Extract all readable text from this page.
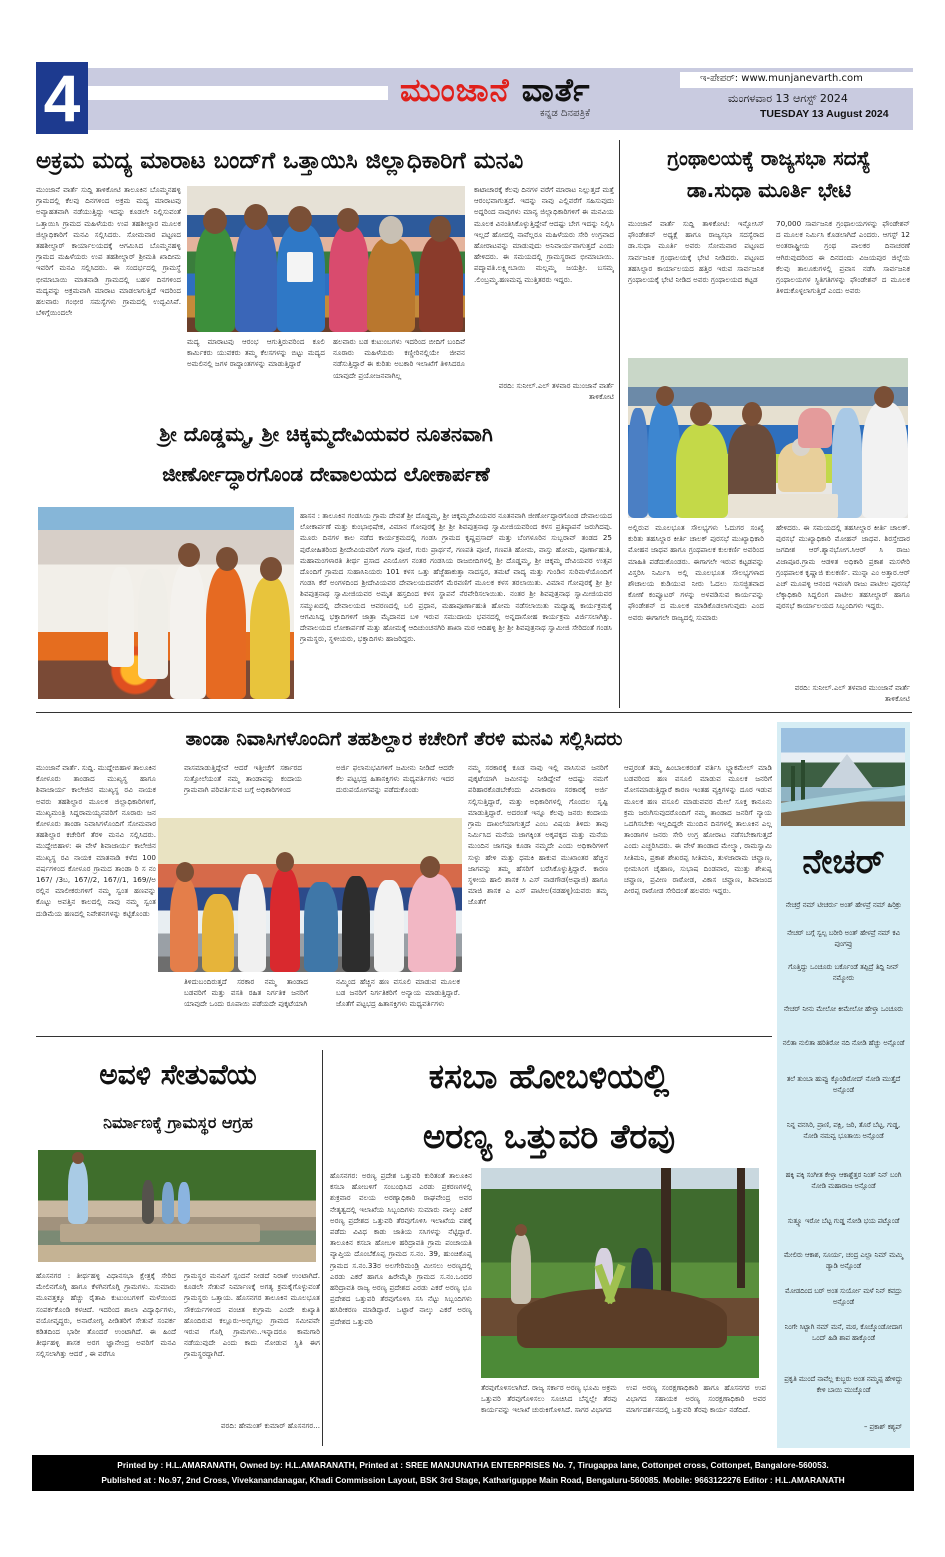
4	ಮುಂಜಾನೆ ವಾರ್ತೆ
ಕನ್ನಡ ದಿನಪತ್ರಿಕೆ
ಇ-ಪೇಪರ್: www.munjanevarth.com
ಮಂಗಳವಾರ 13 ಆಗಸ್ಟ್ 2024
TUESDAY 13 August 2024
ಅಕ್ರಮ ಮದ್ಯ ಮಾರಾಟ ಬಂದ್‌ಗೆ ಒತ್ತಾಯಿಸಿ ಜಿಲ್ಲಾಧಿಕಾರಿಗೆ ಮನವಿ
ಮುಂಜಾನೆ ವಾರ್ತೆ ಸುದ್ದಿ ತಾಳಿಕೋಟಿ ತಾಲೂಕಿನ ಬೊಮ್ಮನಹಳ್ಳಿ ಗ್ರಾಮದಲ್ಲಿ ಕೆಲವು ದಿನಗಳಿಂದ ಅಕ್ರಮ ಮದ್ಯ ಮಾರಾಟವು ಅವ್ಯಾಹತವಾಗಿ ನಡೆಯುತ್ತಿದ್ದು ಇದನ್ನು ಕೂಡಲೇ ನಿಲ್ಲಿಸುವಂತೆ ಒತ್ತಾಯಿಸಿ ಗ್ರಾಮದ ಮಹಿಳೆಯರು ಉಪ ತಹಶೀಲ್ದಾರ ಮೂಲಕ ಜಿಲ್ಲಾಧಿಕಾರಿಗೆ ಮನವಿ ಸಲ್ಲಿಸಿದರು. ಸೋಮವಾರ ಪಟ್ಟಣದ ತಹಶೀಲ್ದಾರ್ ಕಾರ್ಯಾಲಯದಕ್ಕೆ ಆಗಮಿಸಿದ ಬೊಮ್ಮನಹಳ್ಳಿ ಗ್ರಾಮದ ಮಹಿಳೆಯರು ಉಪ ತಹಶೀಲ್ದಾರ್ ಶ್ರೀಮತಿ ಖಾದೀಮ ಇವರಿಗೆ ಮನವಿ ಸಲ್ಲಿಸಿದರು. ಈ ಸಂದರ್ಭದಲ್ಲಿ ಗ್ರಾಮಸ್ಥೆ ಭೀಮಾಬಾಯಿ ಮಾತನಾಡಿ ಗ್ರಾಮದಲ್ಲಿ ಬಹಳ ದಿನಗಳಿಂದ ಮದ್ಯವನ್ನು ಅಕ್ರಮವಾಗಿ ಮಾರಾಟ ಮಾಡಲಾಗುತ್ತಿದೆ ಇದರಿಂದ ಹಲವಾರು ಗಂಭೀರ ಸಮಸ್ಯೆಗಳು ಗ್ರಾಮದಲ್ಲಿ ಉದ್ಭವಿಸಿವೆ. ಬೆಳಿಗ್ಗೆಯಿಂದಲೇ
ಮದ್ಯ ಮಾರಾಟವು ಆರಂಭ ಆಗುತ್ತಿರುವರಿಂದ ಕೂಲಿ ಕಾರ್ಮಿಕರು ಯುವಕರು ತಮ್ಮ ಕೆಲಸಗಳನ್ನು ಬಿಟ್ಟು ಮದ್ಯದ ಅಮಲಿನಲ್ಲಿ ಜಗಳ ರಾದ್ಧಾಂತಗಳನ್ನು ಮಾಡುತ್ತಿದ್ದಾರೆ
ಹಲವಾರು ಬಡ ಕುಟುಂಬಗಳು ಇದರಿಂದ ಬೀದಿಗೆ ಬಂದಿವೆ ನೂರಾರು ಮಹಿಳೆಯರು ಕಣ್ಣೀರಿನಲ್ಲಿಯೇ ಜೀವನ ನಡೆಸುತ್ತಿದ್ದಾರೆ ಈ ಕುರಿತು ಅಬಕಾರಿ ಇಲಾಖೆಗೆ ತಿಳಿಸಿದರೂ ಯಾವುದೇ ಪ್ರಯೋಜನವಾಗಿಲ್ಲ
ಕಾಟಾಚಾರಕ್ಕೆ ಕೆಲವು ದಿನಗಳ ವರೆಗೆ ಮಾರಾಟ ನಿಲ್ಲುತ್ತದೆ ಮತ್ತೆ ಆರಂಭವಾಗುತ್ತದೆ. ಇದನ್ನು ನಾವು ಎಲ್ಲಿವರೆಗೆ ಸಹಿಸುವುದು ಅದ್ದರಿಂದ ನಾವುಗಳು ಮಾನ್ಯ ಜಿಲ್ಲಾಧಿಕಾರಿಗಳಿಗೆ ಈ ಮನವಿಯ ಮೂಲಕ ವಿನಂತಿಸಿಕೊಳ್ಳುತ್ತಿದ್ದೇವೆ ಆದಷ್ಟು ಬೇಗ ಇದನ್ನು ನಿಲ್ಲಿಸಿ ಇಲ್ಲದೆ ಹೋದಲ್ಲಿ ನಾವೆಲ್ಲರೂ ಮಹಿಳೆಯರು ಸೇರಿ ಉಗ್ರವಾದ ಹೋರಾಟವನ್ನು ಮಾಡುವುದು ಅನಿವಾರ್ಯವಾಗುತ್ತದೆ ಎಂದು ಹೇಳಿದರು. ಈ ಸಮಯದಲ್ಲಿ ಗ್ರಾಮಸ್ಥರಾದ ಭೀಮಾಬಾಯಿ. ಪದ್ಮಾವತಿ.ಲಕ್ಷ್ಮೀಬಾಯಿ ಮಲ್ಲಮ್ಮ ಜಯಶ್ರೀ. ಬಸಮ್ಮ .ಲಿಂಬ್ರಮ್ಮ.ಹಣಮವ್ವ ಮುತ್ತಿತರರು ಇದ್ದರು.
ವರದಿ: ಸುನೀಲ್.ಎಲ್ ತಳವಾರ ಮುಂಜಾನೆ ವಾರ್ತೆ ತಾಳಿಕೋಟಿ
ಗ್ರಂಥಾಲಯಕ್ಕೆ ರಾಜ್ಯಸಭಾ ಸದಸ್ಯೆ
ಡಾ.ಸುಧಾ ಮೂರ್ತಿ ಭೇಟಿ
ಮುಂಜಾನೆ ವಾರ್ತೆ ಸುದ್ದಿ ತಾಳಿಕೋಟಿ: ಇನ್ಫೋಸಿಸ್ ಫೌಂಡೇಶನ್ ಅಧ್ಯಕ್ಷೆ ಹಾಗೂ ರಾಜ್ಯಸಭಾ ಸದಸ್ಯೆರಾದ ಡಾ.ಸುಧಾ ಮೂರ್ತಿ ಅವರು ಸೋಮವಾರ ಪಟ್ಟಣದ ಸಾರ್ವಜನಿಕ ಗ್ರಂಥಾಲಯಕ್ಕೆ ಭೇಟಿ ನೀಡಿದರು. ಪಟ್ಟಣದ ತಹಸಿಲ್ದಾರ ಕಾರ್ಯಾಲಯದ ಹತ್ತಿರ ಇರುವ ಸಾರ್ವಜನಿಕ ಗ್ರಂಥಾಲಯಕ್ಕೆ ಭೇಟಿ ನೀಡಿದ ಅವರು ಗ್ರಂಥಾಲಯದ ಕಟ್ಟಡ
70,000 ಸಾರ್ವಜನಿಕ ಗ್ರಂಥಾಲಯಗಳನ್ನು ಫೌಂಡೇಶನ್ ದ ಮೂಲಕ ನಿರ್ಮಿಸಿ ಕೊಡಲಾಗಿದೆ ಎಂದರು. ಆಗಸ್ಟ್ 12 ಅಂತರಾಷ್ಟ್ರೀಯ ಗ್ರಂಥ ಪಾಲಕರ ದಿನಾಚರಣೆ ಆಗಿರುವುದರಿಂದ ಈ ದಿನದಂದು ವಿಜಯಪುರ ಜಿಲ್ಲೆಯ ಕೆಲವು ತಾಲೂಕುಗಳಲ್ಲಿ ಪ್ರವಾಸ ನಡೆಸಿ ಸಾರ್ವಜನಿಕ ಗ್ರಂಥಾಲಯಗಳ ಸ್ಥಿತಿಗತಿಗಳನ್ನು ಫೌಂಡೇಶನ್ ದ ಮೂಲಕ ತಿಳಿದುಕೊಳ್ಳಲಾಗುತ್ತಿದೆ ಎಂದು ಅವರು
ಅಲ್ಲಿರುವ ಮೂಲಭೂತ ಸೌಲಭ್ಯಗಳು ಓದುಗರ ಸಂಖ್ಯೆ ಕುರಿತು ತಹಸಿಲ್ದಾರ ಕೀರ್ತಿ ಚಾಲಕ್ ಪುರಸಭೆ ಮುಖ್ಯಾಧಿಕಾರಿ ಮೋಹನ ಜಾಧವ ಹಾಗೂ ಗ್ರಂಥಪಾಲಕ ಕುಲಕರ್ಣಿ ಅವರಿಂದ ಮಾಹಿತಿ ಪಡೆದುಕೊಂಡರು. ಈಗಾಗಲೇ ಇರುವ ಕಟ್ಟಡವನ್ನು ವಿಸ್ತರಿಸಿ ನಿರ್ಮಿಸಿ ಅಲ್ಲಿ ಮೂಲಭೂತ ಸೌಲಭ್ಯಗಳಾದ ಶೌಚಾಲಯ ಕುಡಿಯುವ ನೀರು ಓದಲು ಸುಸಜ್ಜಿತವಾದ ಕೋಣೆ ಕಂಪ್ಯೂಟರ್ ಗಳನ್ನು ಅಳವಡಿಸುವ ಕಾರ್ಯವನ್ನು ಫೌಂಡೇಶನ್ ದ ಮೂಲಕ ಮಾಡಿಕೊಡಲಾಗುವುದು ಎಂದ ಅವರು ಈಗಾಗಲೇ ರಾಜ್ಯದಲ್ಲಿ ಸುಮಾರು
ಹೇಳಿದರು. ಈ ಸಮಯದಲ್ಲಿ ತಹಸೀಲ್ದಾರ ಕೀರ್ತಿ ಚಾಲಕ್. ಪುರಸಭೆ ಮುಖ್ಯಾಧಿಕಾರಿ ಮೋಹನ್ ಜಾಧವ. ಶಿರಸ್ತೇದಾರ ಜಗದೀಶ ಆರ್.ಶ್ಯಾನಭೋಗ.ಸಿಆರ್ ಸಿ ರಾಜು ವಿಜಾಪೂರ.ಗ್ರಾಮ ಆಡಳಿತ ಅಧಿಕಾರಿ ಪ್ರಕಾಶ ಮಸಳೇರಿ ಗ್ರಂಥಪಾಲಕ ಕೃಷ್ಣಾಜಿ ಕುಲಕರ್ಣಿ. ಮುನ್ನಾ ಎಂ ಅತ್ತಾರ.ಆರ್ ಎಚ್ ಮೂಪಳ್ಳಿ ಆನಂದ ಇವಣಗಿ ರಾಜು ಪಾಟೀಲ ಪುರಸಭೆ ಲೆಕ್ಕಾಧಿಕಾರಿ ಸಿದ್ದಲಿಂಗ ಪಾಟೀಲ ತಹಸೀಲ್ದಾರ್ ಹಾಗೂ ಪುರಸಭೆ ಕಾರ್ಯಾಲಯದ ಸಿಬ್ಬಂದಿಗಳು ಇದ್ದರು.
ವರದಿ: ಸುನೀಲ್.ಎಲ್ ತಳವಾರ ಮುಂಜಾನೆ ವಾರ್ತೆ ತಾಳಿಕೋಟಿ
ಶ್ರೀ ದೊಡ್ಡಮ್ಮ, ಶ್ರೀ ಚಿಕ್ಕಮ್ಮದೇವಿಯವರ ನೂತನವಾಗಿ
ಜೀರ್ಣೋದ್ಧಾರಗೊಂಡ ದೇವಾಲಯದ ಲೋಕಾರ್ಪಣೆ
ಹಾಸನ : ತಾಲೂಕಿನ ಗಂಡಸಿಯ ಗ್ರಾಮ ದೇವತೆ ಶ್ರೀ ದೊಡ್ಡಮ್ಮ, ಶ್ರೀ ಚಿಕ್ಕಮ್ಮದೇವಿಯವರ ನೂತನವಾಗಿ ಜೀರ್ಣೋದ್ಧಾರಗೊಂಡ ದೇವಾಲಯದ ಲೋಕಾರ್ಪಣೆ ಮತ್ತು ಕುಂಭಾಭಿಷೇಕ, ವಿಮಾನ ಗೋಪುರಕ್ಕೆ ಶ್ರೀ ಶ್ರೀ ಶಿವಪುತ್ರನಾಥ ಸ್ವಾಮೀಜಿಯವರಿಂದ ಕಳಸ ಪ್ರತಿಷ್ಠಾಪನೆ ಜರುಗಿದವು. ಮೂರು ದಿನಗಳ ಕಾಲ ನಡೆದ ಕಾರ್ಯಕ್ರಮದಲ್ಲಿ ಗಂಡಸಿ ಗ್ರಾಮದ ಕೃಷ್ಣಪ್ರಸಾದ್ ಮತ್ತು ಬೆಂಗಳೂರಿನ ಸುಬ್ಬರಾವ್ ತಂಡದ 25 ಪುರೋಹಿತರಿಂದ ಶ್ರೀದೇವಿಯವರಿಗೆ ಗಂಗಾ ಪೂಜೆ, ಗುರು ಪ್ರಾರ್ಥನೆ, ಗಣಪತಿ ಪೂಜೆ, ಗಣಪತಿ ಹೋಮ, ವಾಸ್ತು ಹೋಮ, ಪೂರ್ಣಾಹುತಿ, ಮಹಾಮಂಗಳಾರತಿ ತೀರ್ಥ ಪ್ರಸಾದ ವಿನಿಯೋಗ ನಂತರ ಗಂಡಸಿಯ ರಾಜಬೀದಿಗಳಲ್ಲಿ ಶ್ರೀ ದೊಡ್ಡಮ್ಮ, ಶ್ರೀ ಚಿಕ್ಕಮ್ಮ ದೇವಿಯವರ ಉತ್ಸವ ದೊಂದಿಗೆ ಗ್ರಾಮದ ಸುಹಾಸಿನಿಯರು 101 ಕಳಸ ಒತ್ತು ಹೆಜ್ಜೆಹಾಕುತ್ತಾ ನಾದಸ್ವರ, ತಮಟೆ ವಾದ್ಯ ಮತ್ತು ಗುಂಡಿನ ಸುರಿಮಳೆಯೊಂದಿಗೆ ಗಂಡಸಿ ಕೆರೆ ಅಂಗಳದಿಂದ ಶ್ರೀದೇವಿಯವರ ದೇವಾಲಯದವರೆಗೆ ಮೆರವಣಿಗೆ ಮೂಲಕ ಕಳಸ ತರಲಾಯಿತು. ವಿಮಾನ ಗೋಪುರಕ್ಕೆ ಶ್ರೀ ಶ್ರೀ ಶಿವಪುತ್ರನಾಥ ಸ್ವಾಮೀಜಿಯವರ ಅಮೃತ ಹಸ್ತದಿಂದ ಕಳಸ ಸ್ಥಾಪನೆ ನೆರವೇರಿಸಲಾಯಿತು. ನಂತರ ಶ್ರೀ ಶಿವಪುತ್ರನಾಥ ಸ್ವಾಮೀಜಿಯವರ ಸಮ್ಮುಖದಲ್ಲಿ ದೇವಾಲಯದ ಆವರಣದಲ್ಲಿ ಬಲಿ ಪ್ರಧಾನ, ಮಹಾಪೂರ್ಣಾಹುತಿ ಹೋಮ ನಡೆಸಲಾಯಿತು ಮಧ್ಯಾಹ್ನ ಕಾರ್ಯಕ್ರಮಕ್ಕೆ ಆಗಮಿಸಿದ್ದ ಭಕ್ತಾದಿಗಳಿಗೆ ಜಾತ್ರಾ ಮೈದಾನದ ಬಳಿ ಇರುವ ಸಮುದಾಯ ಭವನದಲ್ಲಿ ಅನ್ನದಾಸೋಹ ಕಾರ್ಯಕ್ರಮ ವಿರ್ಜಿಸಲಾಗಿತ್ತು. ದೇವಾಲಯದ ಲೋಕಾರ್ಪಣೆ ಮತ್ತು ಹೋಮಕ್ಕೆ ಆದಿಚುಂಚನಗಿರಿ ಶಾಖಾ ಮಠ ಆದಿಹಳ್ಳಿ ಶ್ರೀ ಶ್ರೀ ಶಿವಪುತ್ರನಾಥ ಸ್ವಾಮೀಜಿ ಸೇರಿದಂತೆ ಗಂಡಸಿ ಗ್ರಾಮಸ್ಥರು, ಸ್ಥಳೀಯರು, ಭಕ್ತಾದಿಗಳು ಹಾಜರಿದ್ದರು.
ತಾಂಡಾ ನಿವಾಸಿಗಳೊಂದಿಗೆ ತಹಶಿಲ್ದಾರ ಕಚೇರಿಗೆ ತೆರಳಿ ಮನವಿ ಸಲ್ಲಿಸಿದರು
ಮುಂಜಾನೆ ವಾರ್ತೆ. ಸುದ್ದಿ. ಮುದ್ದೇಬಿಹಾಳ ತಾಲೂಕಿನ ಕೋಳೂರು ತಾಂಡಾದ ಮುಖ್ಯಸ್ಥ ಹಾಗೂ ಶಿವಾಜಾರ್ಯ ಕಾಲೇಜಿನ ಮುಖ್ಯಸ್ಥ ರವಿ ನಾಯಕ ಅವರು ತಹಶಿಲ್ದಾರ ಮೂಲಕ ಜಿಲ್ಲಾಧಿಕಾರಿಗಳಿಗೆ, ಮುಖ್ಯಮಂತ್ರಿ ಸಿದ್ದರಾಮಯ್ಯನವರಿಗೆ ನೂರಾರು ಜನ ಕೋಳೂರು ತಾಂಡಾ ನಿವಾಸಿಗಳೊಂದಿಗೆ ಸೋಮವಾರ ತಹಶಿಲ್ದಾರ ಕಚೇರಿಗೆ ತೆರಳಿ ಮನವಿ ಸಲ್ಲಿಸಿದರು. ಮುದ್ದೇಬಿಹಾಳ: ಈ ವೇಳೆ ಶಿವಾಜಾರ್ಯ ಕಾಲೇಜಿನ ಮುಖ್ಯಸ್ಥ ರವಿ ನಾಯಕ ಮಾತನಾಡಿ ಕಳೆದ 100 ವರ್ಷಗಳಿಂದ ಕೋಳೂರ ಗ್ರಾಮದ ತಾಂಡಾ ರಿ ಸ ನಂ 167/ /3ಬ, 167//2, 167//1, 169//ಅ ರಲ್ಲಿನ ಮಾಲೀಕರುಗಳಿಗೆ ನಮ್ಮ ಸ್ವಂತ ಹಣವನ್ನು ಕೊಟ್ಟು ಅವತ್ತಿನ ಕಾಲದಲ್ಲಿ ನಾವು ನಮ್ಮ ಸ್ವಂತ ದುಡಿಮೆಯ ಹಣದಲ್ಲಿ ನಿವೇಶನಗಳನ್ನು ಕಟ್ಟಿಕೊಂಡು
ವಾಸಮಾಡುತ್ತಿದ್ದೇವೆ ಆದರೆ ಇತ್ತೀಚೆಗೆ ಸರ್ಕಾರದ ಸುತ್ತೋಲೆಯಂತೆ ನಮ್ಮ ತಾಂಡಾವನ್ನು ಕಂದಾಯ ಗ್ರಾಮವಾಗಿ ಪರಿವರ್ತಿಸುವ ಬಗ್ಗೆ ಅಧಿಕಾರಿಗಳಿಂದ
ಅರ್ಜಿ ಫಲಾನುಭವಿಗಳಿಗೆ ಜಮೀನು ನೀಡಿದೆ ಆದರೇ ಕೆಲ ಪಟ್ಟಭದ್ರ ಹಿತಾಸಕ್ತಿಗಳು ಮಧ್ಯವರ್ತಿಗಳು ಇದರ ದುರುಪಯೋಗವನ್ನು ಪಡೆದುಕೊಂಡು
ತಿಳಿದುಬಂದಿರುತ್ತದೆ ಸರಕಾರ ನಮ್ಮ ತಾಂಡಾದ ಬಡವರಿಗೆ ಮತ್ತು ವಸತಿ ರಹಿತ ನಿರ್ಗತಿಕ ಜನರಿಗೆ ಯಾವುದೇ ಒಂದು ರೂಪಾಯಿ ಪಡೆಯದೇ ಪುಕ್ಕಟೆಯಾಗಿ
ನಮ್ಮಿಂದ ಹೆಚ್ಚಿನ ಹಣ ವಸೂಲಿ ಮಾಡುವ ಮೂಲಕ ಬಡ ಜನರಿಗೆ ನಿರ್ಗತಿಕರಿಗೆ ಅನ್ಯಾಯ ಮಾಡುತ್ತಿದ್ದಾರೆ. ಜೊತೆಗೆ ಪಟ್ಟಭದ್ರ ಹಿತಾಸಕ್ತಿಗಳು ಮಧ್ಯವರ್ತಿಗಳು
ನಮ್ಮ ಸರಕಾರಕ್ಕೆ ಕೂಡ ನಾವು ಇಲ್ಲಿ ವಾಸಿಸುವ ಜನರಿಗೆ ಪುಕ್ಕಟೆಯಾಗಿ ಜಮೀನನ್ನು ನೀಡಿದ್ದೇವೆ ಆದಷ್ಟು ನಮಗೆ ಪರಿಹಾರಕೊಡಬೇಕೆಂದು ವಿನಾಕಾರಣ ಸರಕಾರಕ್ಕೆ ಅರ್ಜಿ ಸಲ್ಲಿಸುತ್ತಿದ್ದಾರೆ, ಮತ್ತು ಅಧಿಕಾರಿಗಳಲ್ಲಿ ಗೊಂದಲ ಸೃಷ್ಟಿ ಮಾಡುತ್ತಿದ್ದಾರೆ. ಅದರಂತೆ ಇನ್ನೂ ಕೆಲವು ಜನರು ಕಂದಾಯ ಗ್ರಾಮ ದಾಖಲೆಯಾಗುತ್ತದೆ ಎಂಬ ವಿಷಯ ತಿಳಿದು ತಾವು ನಿರ್ಮಿಸಿದ ಮನೆಯ ಜಾಗಕ್ಕಿಂತ ಅಕ್ಕಪಕ್ಕದ ಮತ್ತು ಮನೆಯ ಮುಂದಿನ ಜಾಗವೂ ಕೂಡಾ ನಮ್ಮದೇ ಎಂದು ಅಧಿಕಾರಿಗಳಿಗೆ ಸುಳ್ಳು ಹೇಳಿ ಮತ್ತು ಧಮಕಿ ಹಾಕುವ ಮುಖಾಂತರ ಹೆಚ್ಚಿನ ಜಾಗವನ್ನು ತಮ್ಮ ಹೆಸರಿಗೆ ಬರೆಸಿಕೊಳ್ಳುತ್ತಿದ್ದಾರೆ. ಕಾರಣ ಸ್ಥಳೀಯ ಹಾಲಿ ಶಾಸಕ ಸಿ ಎಸ್ ನಾಡಗೌಡ(ಅಪ್ಪಾಜಿ) ಹಾಗೂ ಮಾಜಿ ಶಾಸಕ ಎ ಎಸ್ ಪಾಟೀಲ(ನಡಹಳ್ಳಿ)ಯವರು ತಮ್ಮ ಜೊತೆಗೆ
ಆಪ್ತರಂತೆ ತಮ್ಮ ಹಿಂಬಾಲಕರಂತೆ ವರ್ತಿಸಿ ಬ್ಲ್ಯಾಕಮೇಲ್ ಮಾಡಿ ಬಡವರಿಂದ ಹಣ ವಸೂಲಿ ಮಾಡುವ ಮೂಲಕ ಜನರಿಗೆ ಮೋಸಮಾಡುತ್ತಿದ್ದಾರೆ ಕಾರಣ ಇಂತಹ ವ್ಯಕ್ತಿಗಳನ್ನು ದೂರ ಇಡುವ ಮೂಲಕ ಹಣ ವಸೂಲಿ ಮಾಡುವವರ ಮೇಲೆ ಸೂಕ್ತ ಕಾನೂನು ಕ್ರಮ ಜರುಗಿಸುವುದರೊಂದಿಗೆ ನಮ್ಮ ತಾಂಡಾದ ಜನರಿಗೆ ನ್ಯಾಯ ಒದಗಿಸಬೇಕು ಇಲ್ಲದಿದ್ದರೇ ಮುಂದಿನ ದಿನಗಳಲ್ಲಿ ತಾಲೂಕಿನ ಎಲ್ಲ ತಾಂಡಾಗಳ ಜನರು ಸೇರಿ ಉಗ್ರ ಹೋರಾಟ ನಡೆಸಬೇಕಾಗುತ್ತದೆ ಎಂದು ಎಚ್ಚರಿಸಿದರು. ಈ ವೇಳೆ ತಾಂಡಾದ ಮೇಲ್ಸ್ಥಾ, ರಾಮಸ್ವಾಮಿ ಸೀತಿಮನಿ, ಪ್ರಕಾಶ ಶೇಖರಪ್ಪ ಸೀತಿಮನಿ, ತುಳಜಾರಾಮ ಚವ್ಹಾಣ, ಭೀಮಸಿಂಗ ಚೈಹಾಣ, ಸುಭಾಷ ದಿಂಡವಾರ, ಮುತ್ತು ಶೇಖಪ್ಪ ಚವ್ಹಾಣ, ಪ್ರವೀಣ ರಾಠೋಡ, ವಿಕಾಸ ಚವ್ಹಾಣ, ಶಿವಾಜಂದ ಪೀರಪ್ಪ ರಾಠೋಡ ಸೇರಿದಂತೆ ಹಲವರು ಇದ್ದರು.
ನೇಚರ್
ನೇಚರ್ರೆ ನಮ್ ಟೀಚರ್ರು ಅಂತ್ ಹೇಳವ್ರೆ ನಮ್ ಹಿರಿಕ್ರು
ನೇಚರ್ ಬಗ್ಗೆ ಸ್ವಲ್ಪ ಬರೀರಿ ಅಂತ್ ಹೇಳವ್ರೆ ನಮ್ ಕವಿ ಪುಂಗವ್ರು
ಗೊತ್ತಿದ್ದು ಒಂಚೂರು ಬರ್ಕೊಂಡೆ ತಪ್ಪಿದ್ರೆ ತಿದ್ದಿ ನೀವ್ ನಮ್ಮೋರು
ನೇಚರ್ ನೀನು ಮೇಲೋ ಕೀಮೇಲೋ ಹೇಳ್ತಾ ಒಂಚೂರು
ನಲಿತಾ ನುಲಿತಾ ಹರಿತಿರೋ ನದಿ ನೋಡಿ ಹೆಚ್ಚು ಅನ್ಸೊಂಡೆ
ತಲೆ ತುಂಬಾ ಹುವ್ವು ಕ್ಕೊಂಡಿರೋದ್ ನೋಡಿ ಮುತ್ತೈದೆ ಅನ್ಸೊಂಡೆ
ನಿನ್ನ ವನಸಿರಿ, ಪ್ರಾಣಿ, ಪಕ್ಷಿ, ಜರಿ, ತೊರೆ ಬೆಟ್ಟ, ಗುಡ್ಡ, ನೋಡಿ ನಮವ್ವ ಭೂತಾಯಿ ಅನ್ಸೊಂಡೆ
ಹಕ್ಕಿ ಪಕ್ಕಿ ಸಂಗೀತ ಕೇಳ್ತಾ ಆಕಾಶ್ದೆತ್ತರ ನಿಂತ್ ನಿನ್ ಬಂಗಿ ನೋಡಿ ಮಹಾರಾಜ ಅನ್ಸೊಂಡೆ
ಸುತ್ತ್ಲೂ ಇರೋ ಬೆಟ್ಟ ಗುಡ್ಡ ನೋಡಿ ಭಯ ಪಟ್ಕೊಂಡೆ
ಮೇಲಿರು ಆಕಾಶ, ಸೂರ್ಯ, ಚಂದ್ರ ಎಲ್ಲಾ ನಿಮ್ ಮಮ್ಮಿ ಡ್ಯಾಡಿ ಅನ್ಸೊಂಡೆ
ಮೋಡದಿಂದ ಬರ್ ಅಂತ ಸುರ್ಯೋ ಮಳೆ ನಿನ್ ಕವದ್ರು ಅನ್ಸೊಂಡೆ
ನಿಂಗೇ ಸಿಟ್ಟಾಗಿ ನಮ್ ಮನೆ, ಮಠ, ಕೊಚ್ಕೊಂಡೋದಾಗ ಒಂದ್ ಹಿಡಿ ಶಾಪ ಹಾಕ್ಕೊಂಡೆ
ಪ್ರಕೃತಿ ಮುಂದೆ ನಾವೆಲ್ಲ ಕುಬ್ಜರು ಅಂತ ನಮ್ಮಪ್ಪ ಹೇಳಿದ್ದು ಕೇಳಿ ಬಾಯಿ ಮುಚ್ಕೊಂಡೆ
– ಪ್ರಕಾಶ್ ಕಶ್ಯಪ್
ಅವಳಿ ಸೇತುವೆಯ
ನಿರ್ಮಾಣಕ್ಕೆ ಗ್ರಾಮಸ್ಥರ ಆಗ್ರಹ
ಹೊಸನಗರ : ತೀರ್ಥಹಳ್ಳಿ ವಿಧಾನಸಭಾ ಕ್ಷೇತ್ರಕ್ಕೆ ಸೇರಿದ ಮೇಲಿನಗೊಗ್ಗಿ ಹಾಗೂ ಕೆಳಗಿನಗೊಗ್ಗಿ ಗ್ರಾಮಗಳು. ಸುಮಾರು ಮೂವತ್ತಕ್ಕೂ ಹೆಚ್ಚು ರೈತಾಪಿ ಕುಟುಂಬಗಳಿಗೆ ಮಳೆಯಿಂದ ಸಂಪರ್ಕಕೊಂಡಿ ಕಳಚಿದೆ. ಇದರಿಂದ ಶಾಲಾ ವಿದ್ಯಾರ್ಥಿಗಳು, ವಯೋವೃದ್ಧರು, ಅನಾರೋಗ್ಯ ಪೀಡಿತರಿಗೆ ಸೇತುವೆ ಸಂಪರ್ಕ ಕಡಿತದಿಂದ ಭಾರೀ ತೊಂದರೆ ಉಂಟಾಗಿದೆ. ಈ ಹಿಂದೆ ತೀರ್ಥಹಳ್ಳಿ ಶಾಸಕ ಅರಗ ಜ್ಞಾನೇಂದ್ರ ಅವರಿಗೆ ಮನವಿ ಸಲ್ಲಿಸಲಾಗಿತ್ತು ಆದರೆ , ಈ ವರೆಗೂ
ಗ್ರಾಮಸ್ಥರ ಮನವಿಗೆ ಸ್ಪಂದನೆ ನೀಡದೆ ನಿರಾಶೆ ಉಂಟಾಗಿದೆ. ಕೂಡಲೇ ಸೇತುವೆ ನಿರ್ಮಾಣಕ್ಕೆ ಅಗತ್ಯ ಕ್ರಮಕೈಗೊಳ್ಳುವಂತೆ ಗ್ರಾಮಸ್ಥರು ಒತ್ತಾಯ. ಹೊಸನಗರ ತಾಲೂಕಿನ ಮೂಲಭೂತ ಸೌಕರ್ಯಗಳಿಂದ ವಂಚಿತ ಕುಗ್ರಾಮ ಎಂದೇ ಕುಖ್ಯಾತಿ ಹೊಂದಿರುವ ಕಲ್ಲೂರು-ಅಬ್ಬಿಗಲ್ಲು ಗ್ರಾಮದ ಸಮೀಪವೇ ಇರುವ ಗೊಗ್ಗಿ ಗ್ರಾಮಗಳು..ಇನ್ನಾದರೂ ಕಾಮಗಾರಿ ನಡೆಯುವುದೇ ಎಂದು ಕಾದು ನೋಡುವ ಸ್ಥಿತಿ ಈಗ ಗ್ರಾಮಸ್ಥರದ್ದಾಗಿದೆ.
ವರದಿ: ಹೇಮಂತ್ ಕುಮಾರ್ ಹೊಸನಗರ...
ಕಸಬಾ ಹೋಬಳಿಯಲ್ಲಿ
ಅರಣ್ಯ ಒತ್ತುವರಿ ತೆರವು
ಹೊಸನಗರ: ಅರಣ್ಯ ಪ್ರದೇಶ ಒತ್ತುವರಿ ಕುರಿತಂತೆ ತಾಲೂಕಿನ ಕಸಬಾ ಹೋಬಳಿಗೆ ಸಂಬಂಧಿಸಿದ ಎರಡು ಪ್ರಕರಣಗಳಲ್ಲಿ ಶುಕ್ರವಾರ ವಲಯ ಅರಣ್ಯಾಧಿಕಾರಿ ರಾಘವೇಂದ್ರ ಅವರ ನೇತೃತ್ವದಲ್ಲಿ ಇಲಾಖೆಯ ಸಿಬ್ಬಂದಿಗಳು ಸುಮಾರು ನಾಲ್ಕು ಎಕರೆ ಅರಣ್ಯ ಪ್ರದೇಶದ ಒತ್ತುವರಿ ತೆರವುಗೊಳಿಸಿ ಇಲಾಖೆಯ ವಶಕ್ಕೆ ಪಡೆದು ವಿವಿಧ ಕಾಡು ಜಾತಿಯ ಸಸಿಗಳನ್ನು ನೆಟ್ಟಿದ್ದಾರೆ. ತಾಲೂಕಿನ ಕಸಬಾ ಹೋಬಳಿ ಹರಿದ್ರಾವತಿ ಗ್ರಾಮ ಪಂಚಾಯತಿ ವ್ಯಾಪ್ತಿಯ ದೊಂಬೆಕೊಪ್ಪ ಗ್ರಾಮದ ಸ.ನಂ. 39, ಹುಂಚಿಕೊಪ್ಪ ಗ್ರಾಮದ ಸ.ನಂ.33ರ ಅಲಗೇರಿಮಂಡ್ರಿ ಮೀಸಲು ಅರಣ್ಯದಲ್ಲಿ ಎರಡು ಎಕರೆ ಹಾಗೂ ಹಿರೇಮೈಶಿ ಗ್ರಾಮದ ಸ.ನಂ.ಒಂದರ ಹರಿದ್ರಾವತಿ ರಾಜ್ಯ ಅರಣ್ಯ ಪ್ರದೇಶದ ಎರಡು ಎಕರೆ ಅರಣ್ಯ ಭೂ ಪ್ರದೇಶದ ಒತ್ತುವರಿ ತೆರವುಗೊಳಿಸಿ ಸಸಿ ನೆಟ್ಟು ಸಿಬ್ಬಂದಿಗಳು ಹಸಿರೀಕರಣ ಮಾಡಿದ್ದಾರೆ. ಒಟ್ಟಾರೆ ನಾಲ್ಕು ಎಕರೆ ಅರಣ್ಯ ಪ್ರದೇಶದ ಒತ್ತುವರಿ
ತೆರವುಗೊಳಿಸಲಾಗಿದೆ. ರಾಜ್ಯ ಸರ್ಕಾರ ಅರಣ್ಯ ಭೂಮಿ ಅಕ್ರಮ ಒತ್ತುವರಿ ತೆರವುಗೊಳಿಸಲು ಸೂಚಿಸಿದ ಬೆನ್ನಲ್ಲೇ ತೆರವು ಕಾರ್ಯವನ್ನು ಇಲಾಖೆ ಚುರುಕಿಗೊಳಿಸಿದೆ. ಸಾಗರ ವಿಭಾಗದ
ಉಪ ಅರಣ್ಯ ಸಂರಕ್ಷಣಾಧಿಕಾರಿ ಹಾಗೂ ಹೊಸನಗರ ಉಪ ವಿಭಾಗದ ಸಹಾಯಕ ಅರಣ್ಯ ಸಂರಕ್ಷಣಾಧಿಕಾರಿ ಅವರ ಮಾರ್ಗದರ್ಶನದಲ್ಲಿ ಒತ್ತುವರಿ ತೆರವು ಕಾರ್ಯ ನಡೆದಿದೆ.
Printed by : H.L.AMARANATH, Owned by: H.L.AMARANATH, Printed at : SREE MANJUNATHA ENTERPRISES No. 7, Tirugappa lane, Cottonpet cross, Cottonpet, Bangalore-560053.
Published at : No.97, 2nd Cross, Vivekanandanagar, Khadi Commission Layout, BSK 3rd Stage, Kathariguppe Main Road, Bengaluru-560085. Mobile: 9663122276 Editor : H.L.AMARANATH
